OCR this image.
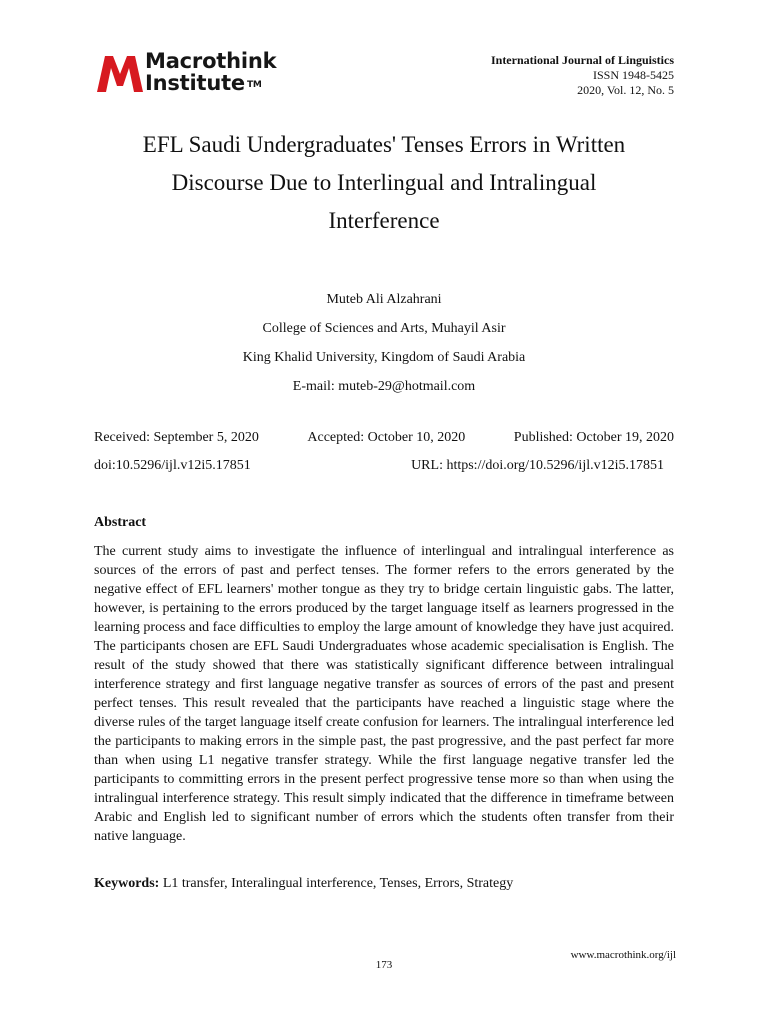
Macrothink
Institute ™
International Journal of Linguistics
ISSN 1948-5425
2020, Vol. 12, No. 5
EFL Saudi Undergraduates' Tenses Errors in Written
Discourse Due to Interlingual and Intralingual
Interference
Muteb Ali Alzahrani
College of Sciences and Arts, Muhayil Asir
King Khalid University, Kingdom of Saudi Arabia
E-mail: muteb-29@hotmail.com
Received: September 5, 2020	Accepted: October 10, 2020	Published: October 19, 2020
doi:10.5296/ijl.v12i5.17851	URL: https://doi.org/10.5296/ijl.v12i5.17851
Abstract

The current study aims to investigate the influence of interlingual and intralingual interference as sources of the errors of past and perfect tenses. The former refers to the errors generated by the negative effect of EFL learners' mother tongue as they try to bridge certain linguistic gabs. The latter, however, is pertaining to the errors produced by the target language itself as learners progressed in the learning process and face difficulties to employ the large amount of knowledge they have just acquired. The participants chosen are EFL Saudi Undergraduates whose academic specialisation is English. The result of the study showed that there was statistically significant difference between intralingual interference strategy and first language negative transfer as sources of errors of the past and present perfect tenses. This result revealed that the participants have reached a linguistic stage where the diverse rules of the target language itself create confusion for learners. The intralingual interference led the participants to making errors in the simple past, the past progressive, and the past perfect far more than when using L1 negative transfer strategy. While the first language negative transfer led the participants to committing errors in the present perfect progressive tense more so than when using the intralingual interference strategy. This result simply indicated that the difference in timeframe between Arabic and English led to significant number of errors which the students often transfer from their native language.

Keywords: L1 transfer, Interalingual interference, Tenses, Errors, Strategy
www.macrothink.org/ijl
173
